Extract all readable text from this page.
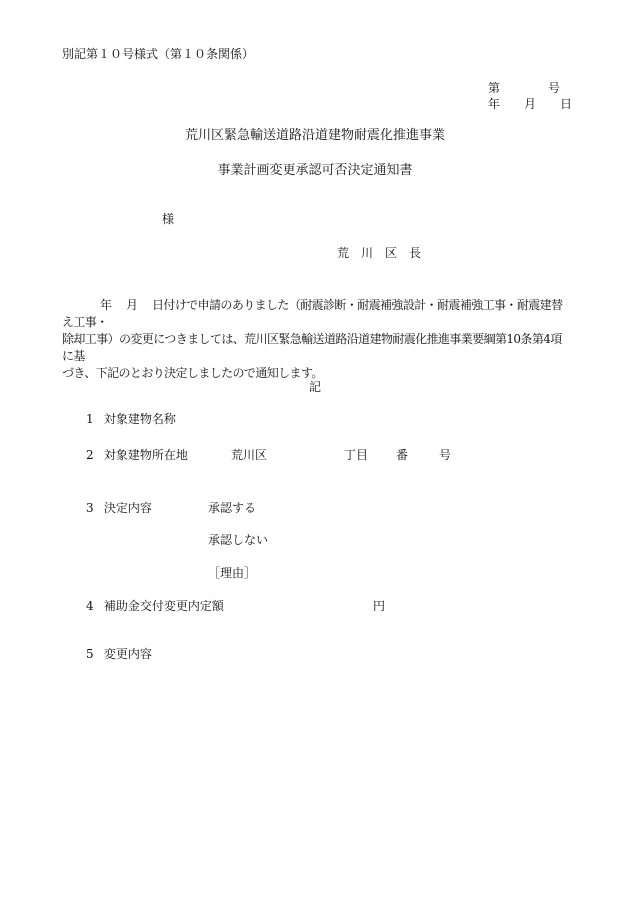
別記第１０号様式（第１０条関係）
第　　　　号
年　　月　　日
荒川区緊急輸送道路沿道建物耐震化推進事業
事業計画変更承認可否決定通知書
様
荒　川　区　長
年　 月　 日付けで申請のありました（耐震診断・耐震補強設計・耐震補強工事・耐震建替え工事・
除却工事）の変更につきましては、荒川区緊急輸送道路沿道建物耐震化推進事業要綱第10条第4項に基
づき、下記のとおり決定しましたので通知します。
記
1 対象建物名称
2 対象建物所在地	荒川区	丁目 番	号
3 決定内容	承認する
承認しない
［理由］
4 補助金交付変更内定額	円
5 変更内容
